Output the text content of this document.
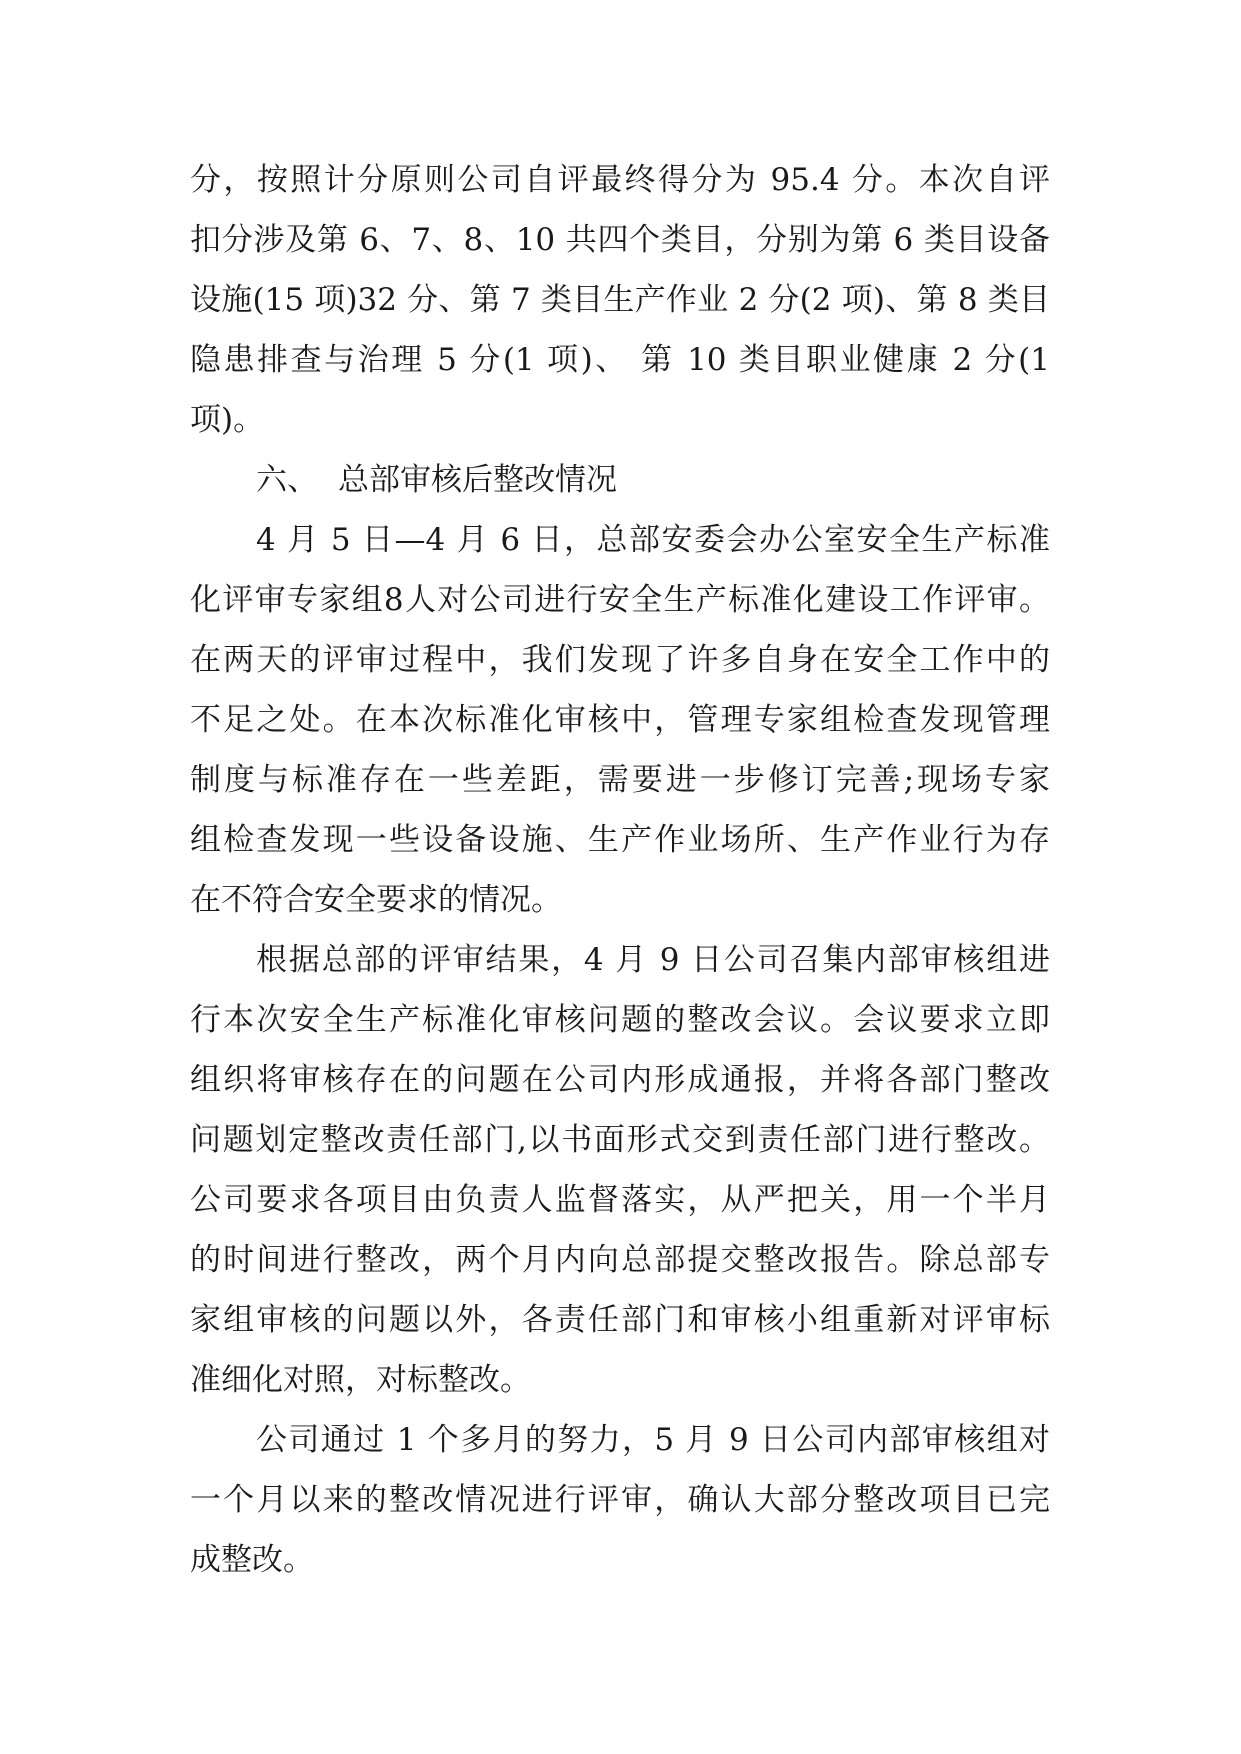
分，按照计分原则公司自评最终得分为 95.4 分。本次自评
扣分涉及第 6、7、8、10 共四个类目，分别为第 6 类目设备
设施(15 项)32 分、第 7 类目生产作业 2 分(2 项)、第 8 类目
隐患排查与治理 5 分(1 项)、 第 10 类目职业健康 2 分(1
项)。
六、 总部审核后整改情况
4 月 5 日—4 月 6 日，总部安委会办公室安全生产标准
化评审专家组8人对公司进行安全生产标准化建设工作评审。
在两天的评审过程中，我们发现了许多自身在安全工作中的
不足之处。在本次标准化审核中，管理专家组检查发现管理
制度与标准存在一些差距，需要进一步修订完善;现场专家
组检查发现一些设备设施、生产作业场所、生产作业行为存
在不符合安全要求的情况。
根据总部的评审结果，4 月 9 日公司召集内部审核组进
行本次安全生产标准化审核问题的整改会议。会议要求立即
组织将审核存在的问题在公司内形成通报，并将各部门整改
问题划定整改责任部门,以书面形式交到责任部门进行整改。
公司要求各项目由负责人监督落实，从严把关，用一个半月
的时间进行整改，两个月内向总部提交整改报告。除总部专
家组审核的问题以外，各责任部门和审核小组重新对评审标
准细化对照，对标整改。
公司通过 1 个多月的努力，5 月 9 日公司内部审核组对
一个月以来的整改情况进行评审，确认大部分整改项目已完
成整改。
